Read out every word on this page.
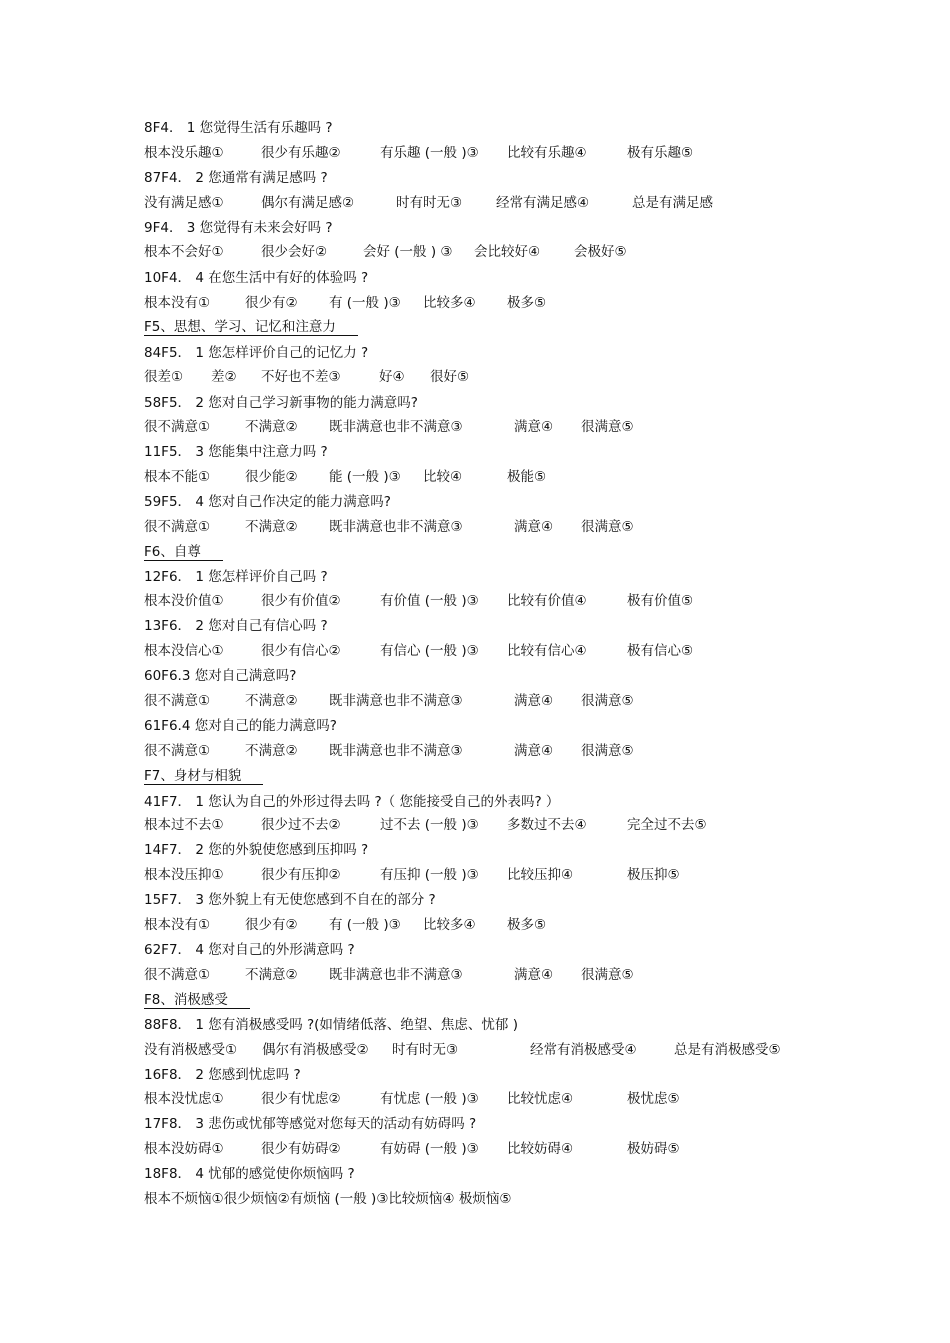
8F4． 1 您觉得生活有乐趣吗 ?
根本没乐趣①	很少有乐趣②	有乐趣 (一般 )③ 比较有乐趣④	极有乐趣⑤
87F4． 2 您通常有满足感吗 ?
没有满足感①	偶尔有满足感②	时有时无③	经常有满足感④	总是有满足感
9F4． 3 您觉得有未来会好吗 ?
根本不会好①	很少会好②	会好 (一般 ) ③ 会比较好④	会极好⑤
10F4． 4 在您生活中有好的体验吗 ?
根本没有①	很少有② 有 (一般 )③ 比较多④ 极多⑤
F5、思想、学习、记忆和注意力
84F5． 1 您怎样评价自己的记忆力 ?
很差① 差② 不好也不差③	好④ 很好⑤
58F5． 2 您对自己学习新事物的能力满意吗?
很不满意①	不满意② 既非满意也非不满意③	满意④ 很满意⑤
11F5． 3 您能集中注意力吗 ?
根本不能①	很少能② 能 (一般 )③ 比较④	极能⑤
59F5． 4 您对自己作决定的能力满意吗?
很不满意①	不满意② 既非满意也非不满意③	满意④ 很满意⑤
F6、自尊
12F6． 1 您怎样评价自己吗 ?
根本没价值①	很少有价值②	有价值 (一般 )③ 比较有价值④	极有价值⑤
13F6． 2 您对自己有信心吗 ?
根本没信心①	很少有信心②	有信心 (一般 )③ 比较有信心④	极有信心⑤
60F6.3 您对自己满意吗?
很不满意①	不满意② 既非满意也非不满意③	满意④ 很满意⑤
61F6.4 您对自己的能力满意吗?
很不满意①	不满意② 既非满意也非不满意③	满意④ 很满意⑤
F7、身材与相貌
41F7． 1 您认为自己的外形过得去吗 ?（ 您能接受自己的外表吗? ）
根本过不去①	很少过不去②	过不去 (一般 )③ 多数过不去④	完全过不去⑤
14F7． 2 您的外貌使您感到压抑吗 ?
根本没压抑①	很少有压抑②	有压抑 (一般 )③ 比较压抑④	极压抑⑤
15F7． 3 您外貌上有无使您感到不自在的部分 ?
根本没有①	很少有② 有 (一般 )③ 比较多④ 极多⑤
62F7． 4 您对自己的外形满意吗 ?
很不满意①	不满意② 既非满意也非不满意③	满意④ 很满意⑤
F8、消极感受
88F8． 1 您有消极感受吗 ?(如情绪低落、绝望、焦虑、忧郁 )
没有消极感受① 偶尔有消极感受② 时有时无③	经常有消极感受④	总是有消极感受⑤
16F8． 2 您感到忧虑吗 ?
根本没忧虑①	很少有忧虑②	有忧虑 (一般 )③ 比较忧虑④	极忧虑⑤
17F8． 3 悲伤或忧郁等感觉对您每天的活动有妨碍吗 ?
根本没妨碍①	很少有妨碍②	有妨碍 (一般 )③ 比较妨碍④	极妨碍⑤
18F8． 4 忧郁的感觉使你烦恼吗 ?
根本不烦恼①很少烦恼②有烦恼 (一般 )③比较烦恼④ 极烦恼⑤
